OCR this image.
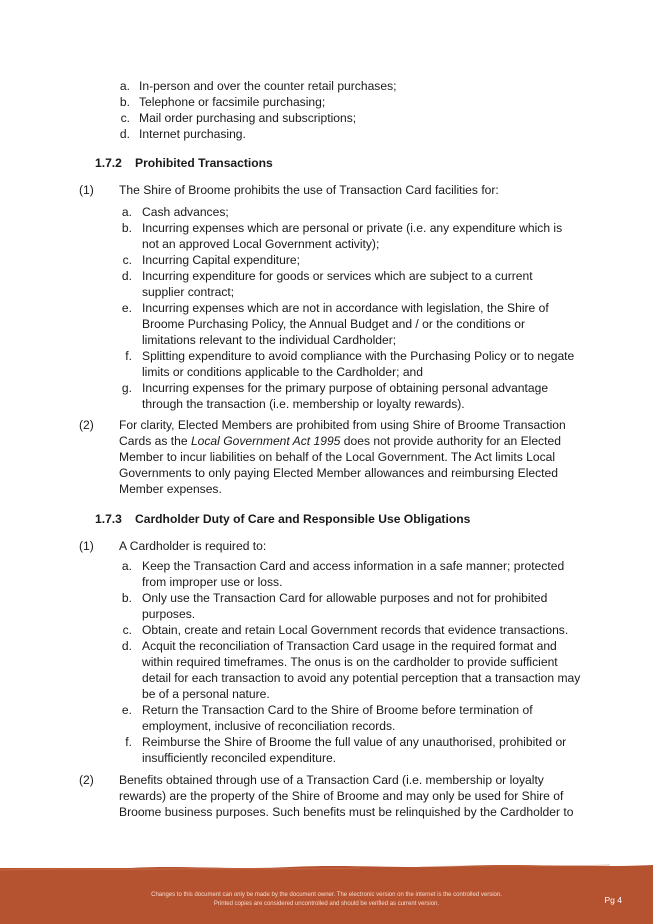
a. In-person and over the counter retail purchases;
b. Telephone or facsimile purchasing;
c. Mail order purchasing and subscriptions;
d. Internet purchasing.
1.7.2 Prohibited Transactions
(1) The Shire of Broome prohibits the use of Transaction Card facilities for:
a. Cash advances;
b. Incurring expenses which are personal or private (i.e. any expenditure which is not an approved Local Government activity);
c. Incurring Capital expenditure;
d. Incurring expenditure for goods or services which are subject to a current supplier contract;
e. Incurring expenses which are not in accordance with legislation, the Shire of Broome Purchasing Policy, the Annual Budget and / or the conditions or limitations relevant to the individual Cardholder;
f. Splitting expenditure to avoid compliance with the Purchasing Policy or to negate limits or conditions applicable to the Cardholder; and
g. Incurring expenses for the primary purpose of obtaining personal advantage through the transaction (i.e. membership or loyalty rewards).
(2) For clarity, Elected Members are prohibited from using Shire of Broome Transaction Cards as the Local Government Act 1995 does not provide authority for an Elected Member to incur liabilities on behalf of the Local Government. The Act limits Local Governments to only paying Elected Member allowances and reimbursing Elected Member expenses.
1.7.3 Cardholder Duty of Care and Responsible Use Obligations
(1) A Cardholder is required to:
a. Keep the Transaction Card and access information in a safe manner; protected from improper use or loss.
b. Only use the Transaction Card for allowable purposes and not for prohibited purposes.
c. Obtain, create and retain Local Government records that evidence transactions.
d. Acquit the reconciliation of Transaction Card usage in the required format and within required timeframes. The onus is on the cardholder to provide sufficient detail for each transaction to avoid any potential perception that a transaction may be of a personal nature.
e. Return the Transaction Card to the Shire of Broome before termination of employment, inclusive of reconciliation records.
f. Reimburse the Shire of Broome the full value of any unauthorised, prohibited or insufficiently reconciled expenditure.
(2) Benefits obtained through use of a Transaction Card (i.e. membership or loyalty rewards) are the property of the Shire of Broome and may only be used for Shire of Broome business purposes. Such benefits must be relinquished by the Cardholder to
Changes to this document can only be made by the document owner. The electronic version on the internet is the controlled version.
Printed copies are considered uncontrolled and should be verified as current version.	Pg 4
